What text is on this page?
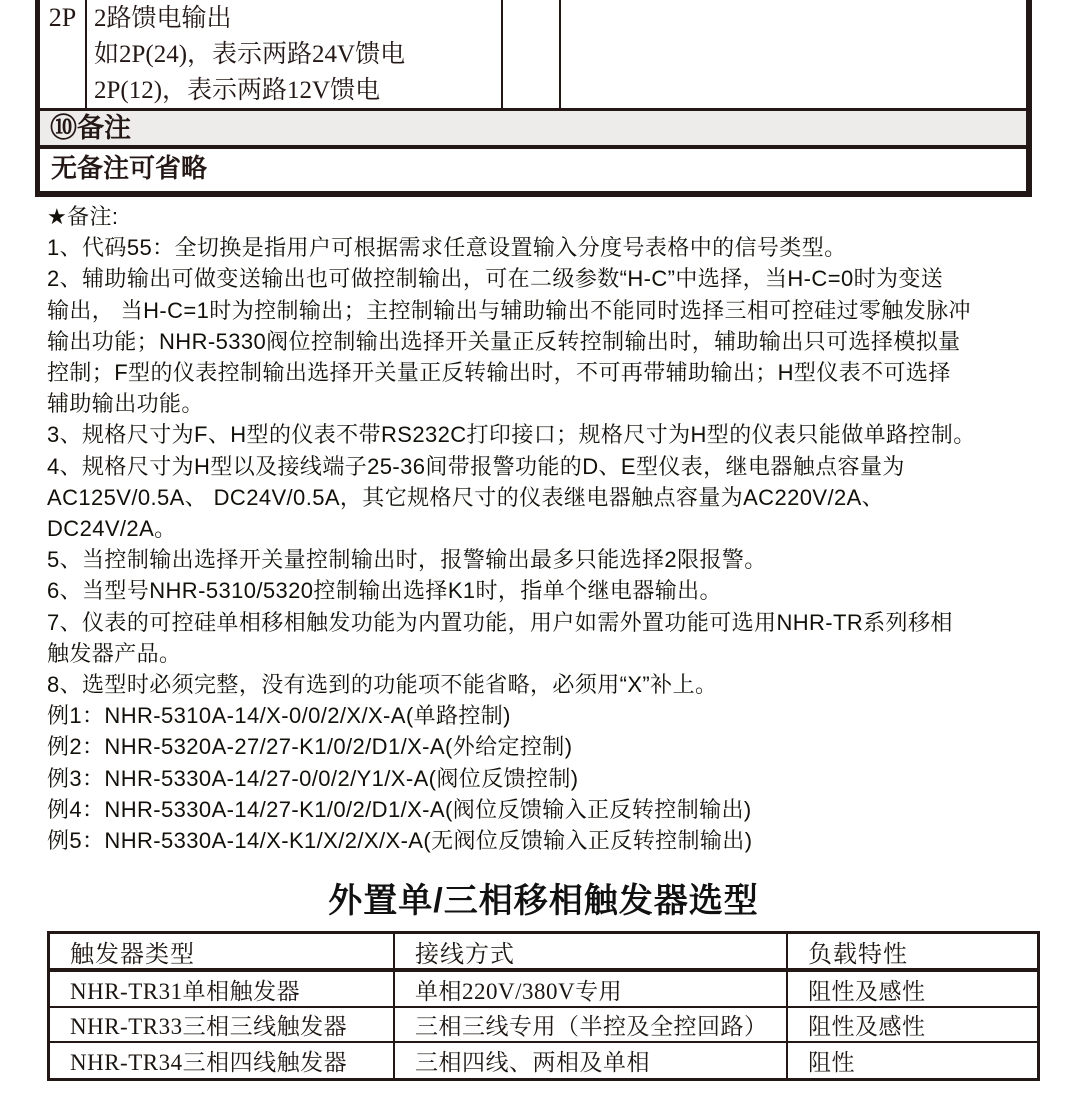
2P 2路馈电输出
如2P(24)，表示两路24V馈电
2P(12)，表示两路12V馈电
⑩备注
无备注可省略
★备注:
1、代码55：全切换是指用户可根据需求任意设置输入分度号表格中的信号类型。
2、辅助输出可做变送输出也可做控制输出，可在二级参数“H-C”中选择，当H-C=0时为变送
输出， 当H-C=1时为控制输出；主控制输出与辅助输出不能同时选择三相可控硅过零触发脉冲
输出功能；NHR-5330阀位控制输出选择开关量正反转控制输出时，辅助输出只可选择模拟量
控制；F型的仪表控制输出选择开关量正反转输出时，不可再带辅助输出；H型仪表不可选择
辅助输出功能。
3、规格尺寸为F、H型的仪表不带RS232C打印接口；规格尺寸为H型的仪表只能做单路控制。
4、规格尺寸为H型以及接线端子25-36间带报警功能的D、E型仪表，继电器触点容量为
AC125V/0.5A、 DC24V/0.5A，其它规格尺寸的仪表继电器触点容量为AC220V/2A、
DC24V/2A。
5、当控制输出选择开关量控制输出时，报警输出最多只能选择2限报警。
6、当型号NHR-5310/5320控制输出选择K1时，指单个继电器输出。
7、仪表的可控硅单相移相触发功能为内置功能，用户如需外置功能可选用NHR-TR系列移相
触发器产品。
8、选型时必须完整，没有选到的功能项不能省略，必须用“X”补上。
例1：NHR-5310A-14/X-0/0/2/X/X-A(单路控制)
例2：NHR-5320A-27/27-K1/0/2/D1/X-A(外给定控制)
例3：NHR-5330A-14/27-0/0/2/Y1/X-A(阀位反馈控制)
例4：NHR-5330A-14/27-K1/0/2/D1/X-A(阀位反馈输入正反转控制输出)
例5：NHR-5330A-14/X-K1/X/2/X/X-A(无阀位反馈输入正反转控制输出)
外置单/三相移相触发器选型
触发器类型	接线方式	负载特性
NHR-TR31单相触发器	单相220V/380V专用	阻性及感性
NHR-TR33三相三线触发器	三相三线专用（半控及全控回路）	阻性及感性
NHR-TR34三相四线触发器	三相四线、两相及单相	阻性
